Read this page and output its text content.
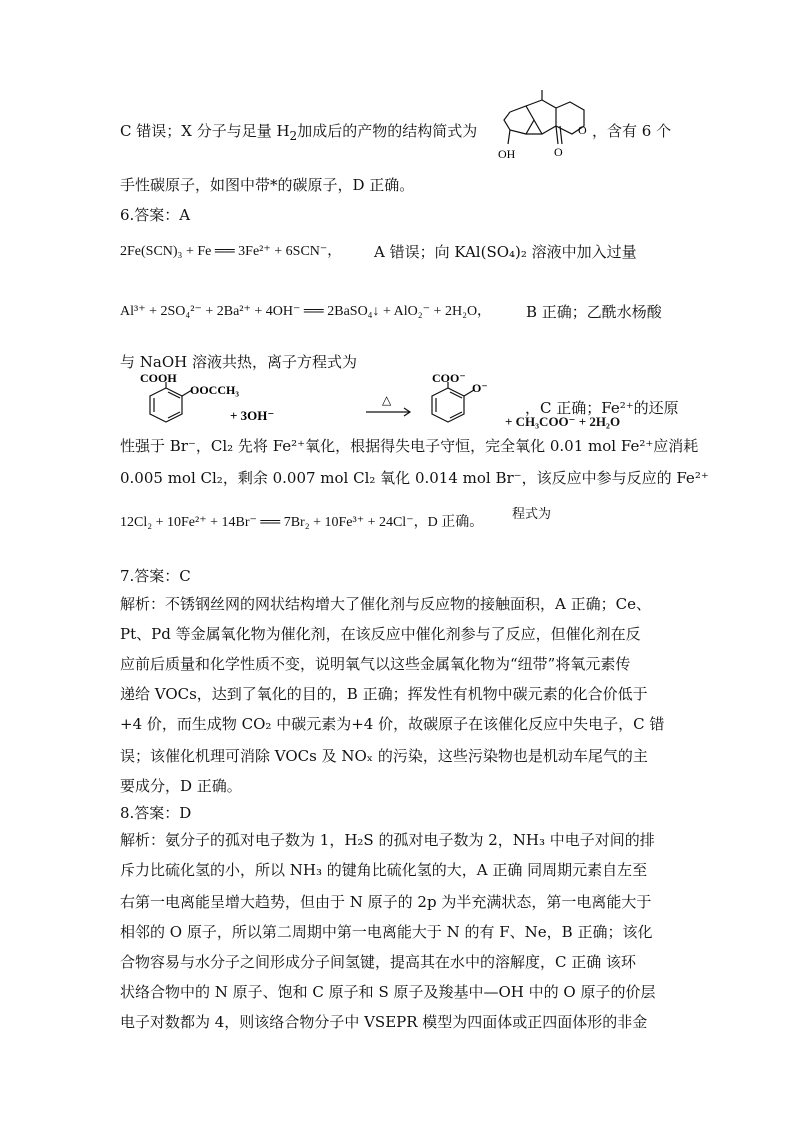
C 错误；X 分子与足量 $H_2$加成后的产物的结构简式为	，含有 6 个
OH
O
O
手性碳原子，如图中带*的碳原子，D 正确。
6.答案：A
2Fe(SCN)₃ + Fe ══ 3Fe²⁺ + 6SCN⁻， A 错误；向 KAl(SO₄)₂ 溶液中加入过量
Al³⁺ + 2SO₄²⁻ + 2Ba²⁺ + 4OH⁻ ══ 2BaSO₄↓ + AlO₂⁻ + 2H₂O， B 正确；乙酰水杨酸
与 NaOH 溶液共热，离子方程式为
COOH
OOCCH₃
+ 3OH⁻
△
COO⁻
O⁻
+ CH₃COO⁻ + 2H₂O
，C 正确；Fe²⁺的还原
性强于 Br⁻，Cl₂ 先将 Fe²⁺氧化，根据得失电子守恒，完全氧化 0.01 mol Fe²⁺应消耗
0.005 mol Cl₂，剩余 0.007 mol Cl₂ 氧化 0.014 mol Br⁻，该反应中参与反应的 Fe²⁺
12Cl₂ + 10Fe²⁺ + 14Br⁻ ══ 7Br₂ + 10Fe³⁺ + 24Cl⁻，D 正确。
程式为
7.答案：C
解析：不锈钢丝网的网状结构增大了催化剂与反应物的接触面积，A 正确；Ce、
Pt、Pd 等金属氧化物为催化剂，在该反应中催化剂参与了反应，但催化剂在反
应前后质量和化学性质不变，说明氧气以这些金属氧化物为“纽带”将氧元素传
递给 VOCs，达到了氧化的目的，B 正确；挥发性有机物中碳元素的化合价低于
+4 价，而生成物 CO₂ 中碳元素为+4 价，故碳原子在该催化反应中失电子，C 错
误；该催化机理可消除 VOCs 及 NOₓ 的污染，这些污染物也是机动车尾气的主
要成分，D 正确。
8.答案：D
解析：氨分子的孤对电子数为 1，H₂S 的孤对电子数为 2，NH₃ 中电子对间的排
斥力比硫化氢的小，所以 NH₃ 的键角比硫化氢的大，A 正确 同周期元素自左至
右第一电离能呈增大趋势，但由于 N 原子的 2p 为半充满状态，第一电离能大于
相邻的 O 原子，所以第二周期中第一电离能大于 N 的有 F、Ne，B 正确；该化
合物容易与水分子之间形成分子间氢键，提高其在水中的溶解度，C 正确 该环
状络合物中的 N 原子、饱和 C 原子和 S 原子及羧基中—OH 中的 O 原子的价层
电子对数都为 4，则该络合物分子中 VSEPR 模型为四面体或正四面体形的非金
